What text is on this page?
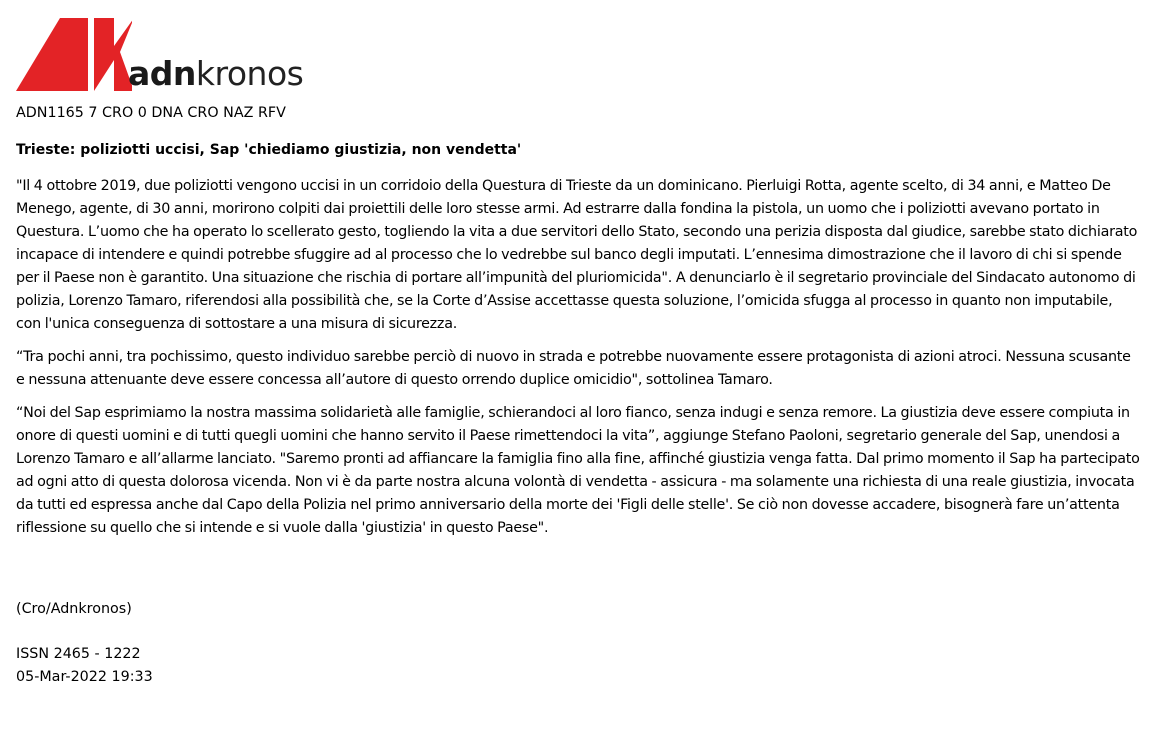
adnkronos
ADN1165 7 CRO 0 DNA CRO NAZ RFV
Trieste: poliziotti uccisi, Sap 'chiediamo giustizia, non vendetta'

"Il 4 ottobre 2019, due poliziotti vengono uccisi in un corridoio della Questura di Trieste da un dominicano. Pierluigi Rotta, agente scelto, di 34 anni, e Matteo De Menego, agente, di 30 anni, morirono colpiti dai proiettili delle loro stesse armi. Ad estrarre dalla fondina la pistola, un uomo che i poliziotti avevano portato in Questura. L’uomo che ha operato lo scellerato gesto, togliendo la vita a due servitori dello Stato, secondo una perizia disposta dal giudice, sarebbe stato dichiarato incapace di intendere e quindi potrebbe sfuggire ad al processo che lo vedrebbe sul banco degli imputati. L’ennesima dimostrazione che il lavoro di chi si spende per il Paese non è garantito. Una situazione che rischia di portare all’impunità del pluriomicida". A denunciarlo è il segretario provinciale del Sindacato autonomo di polizia, Lorenzo Tamaro, riferendosi alla possibilità che, se la Corte d’Assise accettasse questa soluzione, l’omicida sfugga al processo in quanto non imputabile, con l'unica conseguenza di sottostare a una misura di sicurezza.

“Tra pochi anni, tra pochissimo, questo individuo sarebbe perciò di nuovo in strada e potrebbe nuovamente essere protagonista di azioni atroci. Nessuna scusante e nessuna attenuante deve essere concessa all’autore di questo orrendo duplice omicidio", sottolinea Tamaro.

“Noi del Sap esprimiamo la nostra massima solidarietà alle famiglie, schierandoci al loro fianco, senza indugi e senza remore. La giustizia deve essere compiuta in onore di questi uomini e di tutti quegli uomini che hanno servito il Paese rimettendoci la vita”, aggiunge Stefano Paoloni, segretario generale del Sap, unendosi a Lorenzo Tamaro e all’allarme lanciato. "Saremo pronti ad affiancare la famiglia fino alla fine, affinché giustizia venga fatta. Dal primo momento il Sap ha partecipato ad ogni atto di questa dolorosa vicenda. Non vi è da parte nostra alcuna volontà di vendetta - assicura - ma solamente una richiesta di una reale giustizia, invocata da tutti ed espressa anche dal Capo della Polizia nel primo anniversario della morte dei 'Figli delle stelle'. Se ciò non dovesse accadere, bisognerà fare un’attenta riflessione su quello che si intende e si vuole dalla 'giustizia' in questo Paese".

(Cro/Adnkronos)
ISSN 2465 - 1222
05-Mar-2022 19:33
